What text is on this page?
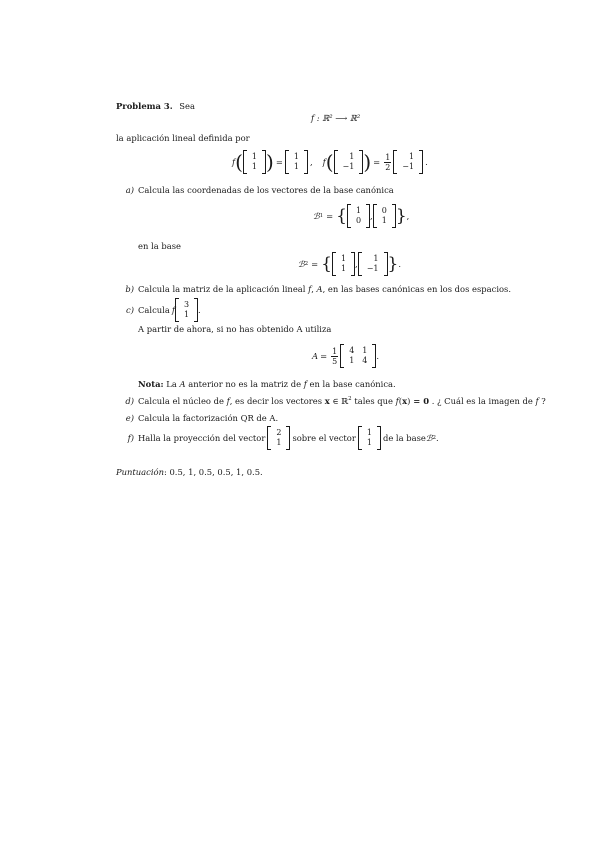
Problema 3. Sea
f : ℝ² ⟶ ℝ²
la aplicación lineal definida por
f ( 1
1 ) =
1
1 , f ( 1
−1 ) = $\frac{1}{2} 1$
−1 .
a) Calcula las coordenadas de los vectores de la base canónica
ℬ 1 = { 1
0 ,
0
1 } ,
en la base
ℬ 2 = { 1
1 ,
1
−1 } .
b) Calcula la matriz de la aplicación lineal f, A, en las bases canónicas en los dos espacios.
c) Calcula f
3
1 .
A partir de ahora, si no has obtenido A utiliza
$A = \frac{1}{5} 4$
1
1
4 .
Nota: La A anterior no es la matriz de f en la base canónica.
d) Calcula el núcleo de f, es decir los vectores x ∈ ℝ$^2$ tales que f(x) = 0 . ¿ Cuál es la imagen de f ?
e) Calcula la factorización QR de A.
f) Halla la proyección del vector
2
1 sobre el vector
1
1 de la base ℬ 2 .
Puntuación: 0.5, 1, 0.5, 0.5, 1, 0.5.
